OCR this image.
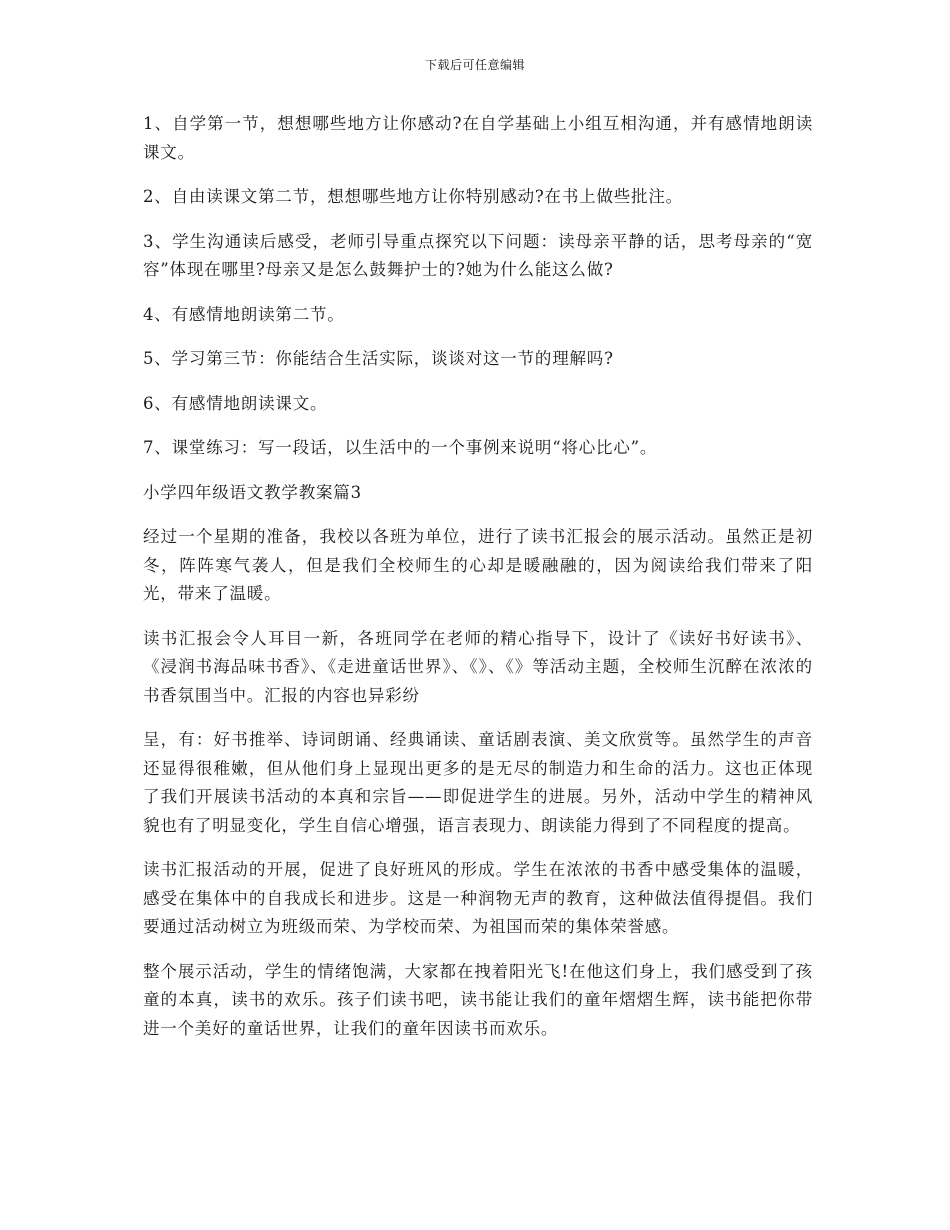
下载后可任意编辑

1、自学第一节，想想哪些地方让你感动?在自学基础上小组互相沟通，并有感情地朗读课文。

2、自由读课文第二节，想想哪些地方让你特别感动?在书上做些批注。

3、学生沟通读后感受，老师引导重点探究以下问题：读母亲平静的话，思考母亲的“宽容”体现在哪里?母亲又是怎么鼓舞护士的?她为什么能这么做?

4、有感情地朗读第二节。

5、学习第三节：你能结合生活实际，谈谈对这一节的理解吗?

6、有感情地朗读课文。

7、课堂练习：写一段话，以生活中的一个事例来说明“将心比心”。

小学四年级语文教学教案篇3

经过一个星期的准备，我校以各班为单位，进行了读书汇报会的展示活动。虽然正是初冬，阵阵寒气袭人，但是我们全校师生的心却是暖融融的，因为阅读给我们带来了阳光，带来了温暖。

读书汇报会令人耳目一新，各班同学在老师的精心指导下，设计了《读好书好读书》、《浸润书海品味书香》、《走进童话世界》、《》、《》等活动主题，全校师生沉醉在浓浓的书香氛围当中。汇报的内容也异彩纷

呈，有：好书推举、诗词朗诵、经典诵读、童话剧表演、美文欣赏等。虽然学生的声音还显得很稚嫩，但从他们身上显现出更多的是无尽的制造力和生命的活力。这也正体现了我们开展读书活动的本真和宗旨——即促进学生的进展。另外，活动中学生的精神风貌也有了明显变化，学生自信心增强，语言表现力、朗读能力得到了不同程度的提高。

读书汇报活动的开展，促进了良好班风的形成。学生在浓浓的书香中感受集体的温暖，感受在集体中的自我成长和进步。这是一种润物无声的教育，这种做法值得提倡。我们要通过活动树立为班级而荣、为学校而荣、为祖国而荣的集体荣誉感。

整个展示活动，学生的情绪饱满，大家都在拽着阳光飞!在他这们身上，我们感受到了孩童的本真，读书的欢乐。孩子们读书吧，读书能让我们的童年熠熠生辉，读书能把你带进一个美好的童话世界，让我们的童年因读书而欢乐。
